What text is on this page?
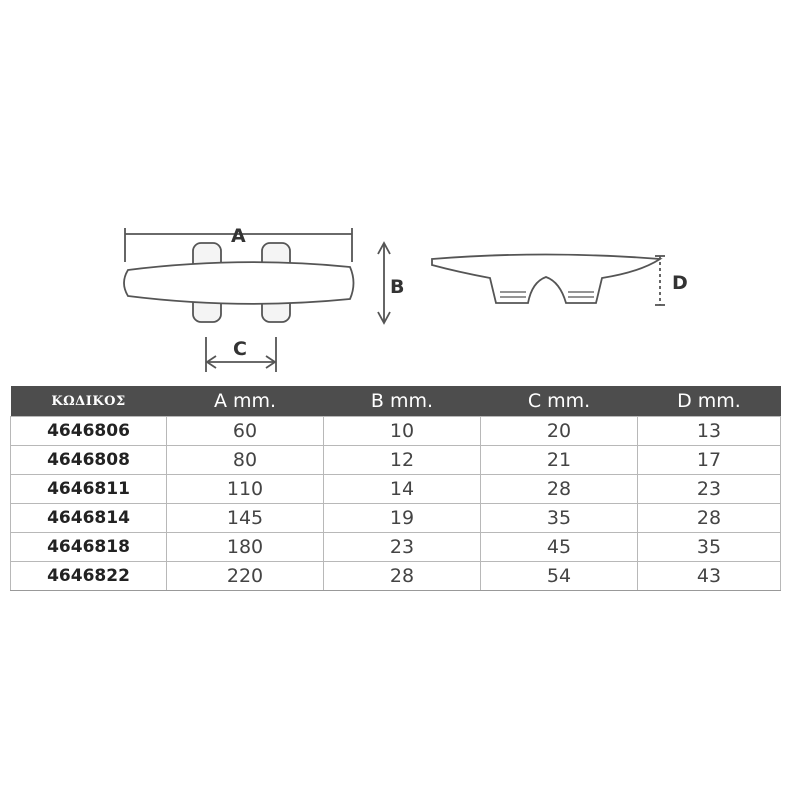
A
B
C
D
ΚΩΔΙΚΟΣ	A mm.	B mm.	C mm.	D mm.
4646806	60	10	20	13
4646808	80	12	21	17
4646811	110	14	28	23
4646814	145	19	35	28
4646818	180	23	45	35
4646822	220	28	54	43
